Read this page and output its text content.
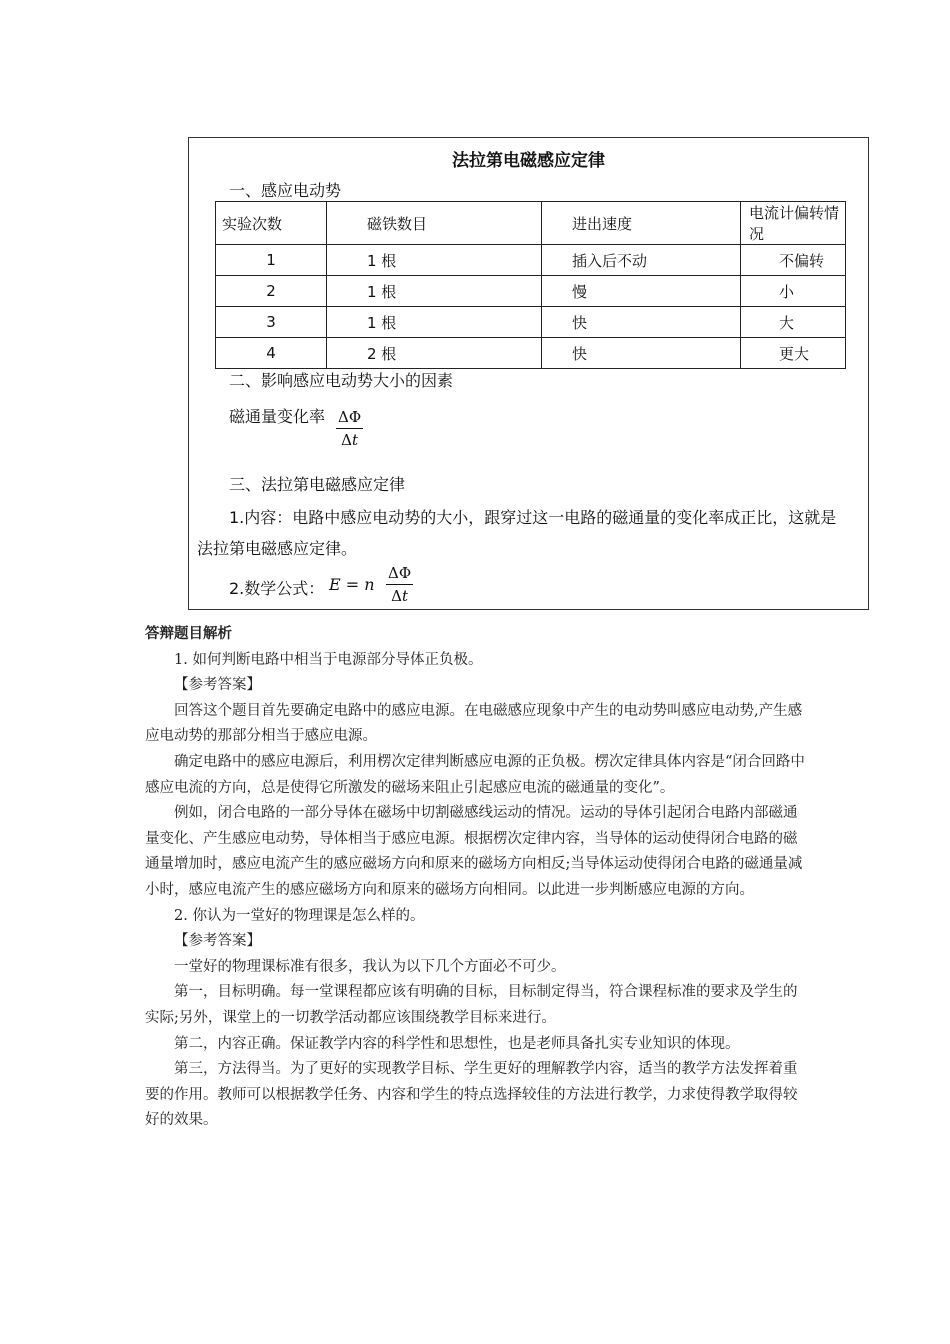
法拉第电磁感应定律
一、感应电动势
实验次数	磁铁数目	进出速度	电流计偏转情况
1	1 根	插入后不动	不偏转
2	1 根	慢	小
3	1 根	快	大
4	2 根	快	更大
二、影响感应电动势大小的因素
磁通量变化率 ΔΦ
Δt
三、法拉第电磁感应定律
1.内容：电路中感应电动势的大小，跟穿过这一电路的磁通量的变化率成正比，这就是
法拉第电磁感应定律。
2.数学公式： E = n
ΔΦ
Δt

答辩题目解析

1. 如何判断电路中相当于电源部分导体正负极。

【参考答案】

回答这个题目首先要确定电路中的感应电源。在电磁感应现象中产生的电动势叫感应电动势,产生感应电动势的那部分相当于感应电源。

确定电路中的感应电源后，利用楞次定律判断感应电源的正负极。楞次定律具体内容是“闭合回路中感应电流的方向，总是使得它所激发的磁场来阻止引起感应电流的磁通量的变化”。

例如，闭合电路的一部分导体在磁场中切割磁感线运动的情况。运动的导体引起闭合电路内部磁通量变化、产生感应电动势，导体相当于感应电源。根据楞次定律内容，当导体的运动使得闭合电路的磁通量增加时，感应电流产生的感应磁场方向和原来的磁场方向相反;当导体运动使得闭合电路的磁通量减小时，感应电流产生的感应磁场方向和原来的磁场方向相同。以此进一步判断感应电源的方向。

2. 你认为一堂好的物理课是怎么样的。

【参考答案】

一堂好的物理课标准有很多，我认为以下几个方面必不可少。

第一，目标明确。每一堂课程都应该有明确的目标，目标制定得当，符合课程标准的要求及学生的实际;另外，课堂上的一切教学活动都应该围绕教学目标来进行。

第二，内容正确。保证教学内容的科学性和思想性，也是老师具备扎实专业知识的体现。

第三，方法得当。为了更好的实现教学目标、学生更好的理解教学内容，适当的教学方法发挥着重要的作用。教师可以根据教学任务、内容和学生的特点选择较佳的方法进行教学，力求使得教学取得较好的效果。
